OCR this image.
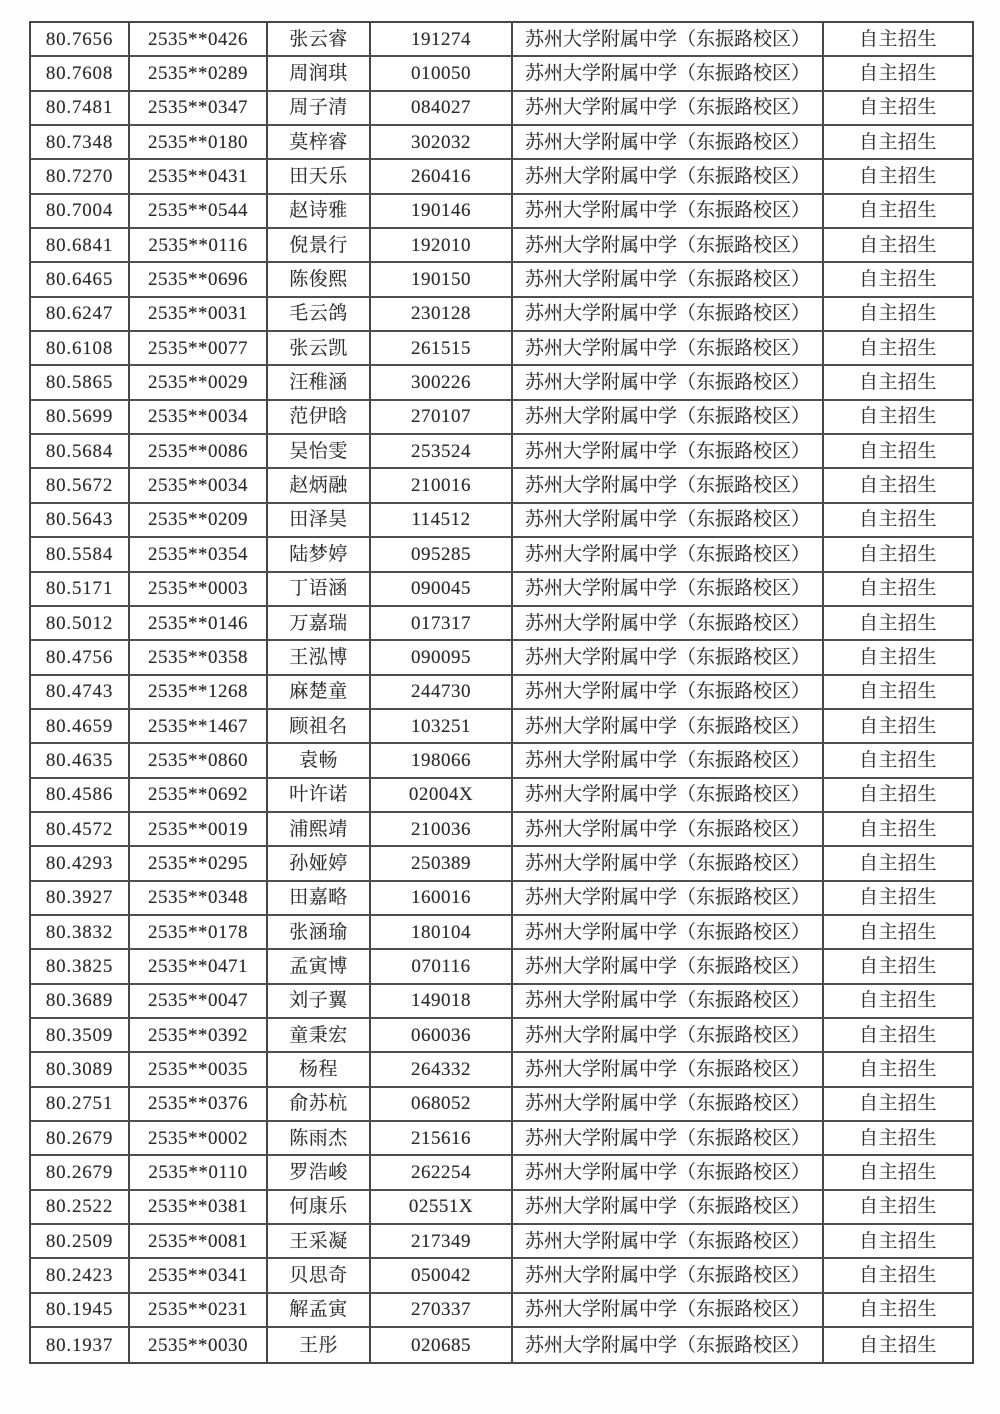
80.7656	2535**0426	张云睿	191274	苏州大学附属中学（东振路校区）	自主招生
80.7608	2535**0289	周润琪	010050	苏州大学附属中学（东振路校区）	自主招生
80.7481	2535**0347	周子清	084027	苏州大学附属中学（东振路校区）	自主招生
80.7348	2535**0180	莫梓睿	302032	苏州大学附属中学（东振路校区）	自主招生
80.7270	2535**0431	田天乐	260416	苏州大学附属中学（东振路校区）	自主招生
80.7004	2535**0544	赵诗雅	190146	苏州大学附属中学（东振路校区）	自主招生
80.6841	2535**0116	倪景行	192010	苏州大学附属中学（东振路校区）	自主招生
80.6465	2535**0696	陈俊熙	190150	苏州大学附属中学（东振路校区）	自主招生
80.6247	2535**0031	毛云鸽	230128	苏州大学附属中学（东振路校区）	自主招生
80.6108	2535**0077	张云凯	261515	苏州大学附属中学（东振路校区）	自主招生
80.5865	2535**0029	汪稚涵	300226	苏州大学附属中学（东振路校区）	自主招生
80.5699	2535**0034	范伊晗	270107	苏州大学附属中学（东振路校区）	自主招生
80.5684	2535**0086	吴怡雯	253524	苏州大学附属中学（东振路校区）	自主招生
80.5672	2535**0034	赵炳融	210016	苏州大学附属中学（东振路校区）	自主招生
80.5643	2535**0209	田泽昊	114512	苏州大学附属中学（东振路校区）	自主招生
80.5584	2535**0354	陆梦婷	095285	苏州大学附属中学（东振路校区）	自主招生
80.5171	2535**0003	丁语涵	090045	苏州大学附属中学（东振路校区）	自主招生
80.5012	2535**0146	万嘉瑞	017317	苏州大学附属中学（东振路校区）	自主招生
80.4756	2535**0358	王泓博	090095	苏州大学附属中学（东振路校区）	自主招生
80.4743	2535**1268	麻楚童	244730	苏州大学附属中学（东振路校区）	自主招生
80.4659	2535**1467	顾祖名	103251	苏州大学附属中学（东振路校区）	自主招生
80.4635	2535**0860	袁畅	198066	苏州大学附属中学（东振路校区）	自主招生
80.4586	2535**0692	叶许诺	02004X	苏州大学附属中学（东振路校区）	自主招生
80.4572	2535**0019	浦熙靖	210036	苏州大学附属中学（东振路校区）	自主招生
80.4293	2535**0295	孙娅婷	250389	苏州大学附属中学（东振路校区）	自主招生
80.3927	2535**0348	田嘉略	160016	苏州大学附属中学（东振路校区）	自主招生
80.3832	2535**0178	张涵瑜	180104	苏州大学附属中学（东振路校区）	自主招生
80.3825	2535**0471	孟寅博	070116	苏州大学附属中学（东振路校区）	自主招生
80.3689	2535**0047	刘子翼	149018	苏州大学附属中学（东振路校区）	自主招生
80.3509	2535**0392	童秉宏	060036	苏州大学附属中学（东振路校区）	自主招生
80.3089	2535**0035	杨程	264332	苏州大学附属中学（东振路校区）	自主招生
80.2751	2535**0376	俞苏杭	068052	苏州大学附属中学（东振路校区）	自主招生
80.2679	2535**0002	陈雨杰	215616	苏州大学附属中学（东振路校区）	自主招生
80.2679	2535**0110	罗浩峻	262254	苏州大学附属中学（东振路校区）	自主招生
80.2522	2535**0381	何康乐	02551X	苏州大学附属中学（东振路校区）	自主招生
80.2509	2535**0081	王采凝	217349	苏州大学附属中学（东振路校区）	自主招生
80.2423	2535**0341	贝思奇	050042	苏州大学附属中学（东振路校区）	自主招生
80.1945	2535**0231	解孟寅	270337	苏州大学附属中学（东振路校区）	自主招生
80.1937	2535**0030	王彤	020685	苏州大学附属中学（东振路校区）	自主招生
